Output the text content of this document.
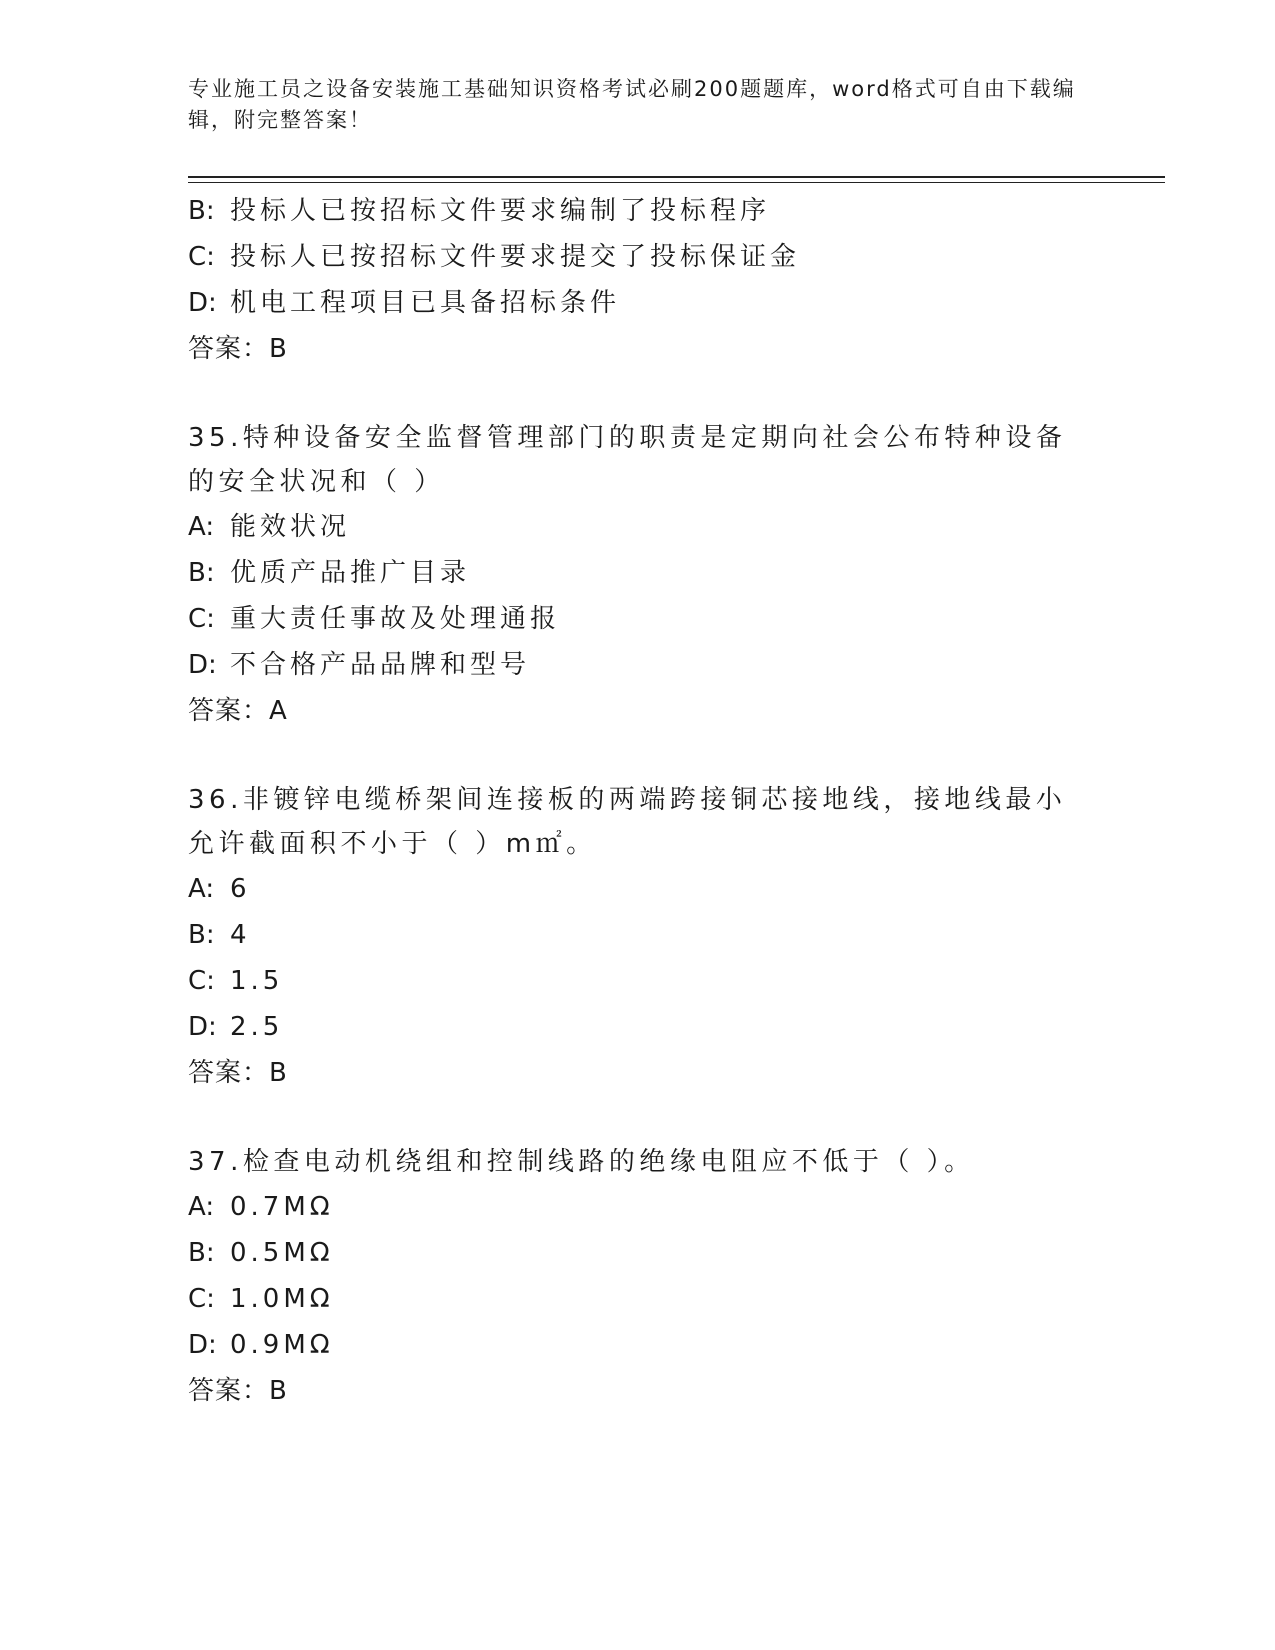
专业施工员之设备安装施工基础知识资格考试必刷200题题库，word格式可自由下载编辑，附完整答案！
B: 投标人已按招标文件要求编制了投标程序
C: 投标人已按招标文件要求提交了投标保证金
D: 机电工程项目已具备招标条件
答案：B
35.特种设备安全监督管理部门的职责是定期向社会公布特种设备的安全状况和（ ）
A: 能效状况
B: 优质产品推广目录
C: 重大责任事故及处理通报
D: 不合格产品品牌和型号
答案：A
36.非镀锌电缆桥架间连接板的两端跨接铜芯接地线，接地线最小允许截面积不小于（ ）m㎡。
A: 6
B: 4
C: 1.5
D: 2.5
答案：B
37.检查电动机绕组和控制线路的绝缘电阻应不低于（ ）。
A: 0.7MΩ
B: 0.5MΩ
C: 1.0MΩ
D: 0.9MΩ
答案：B
